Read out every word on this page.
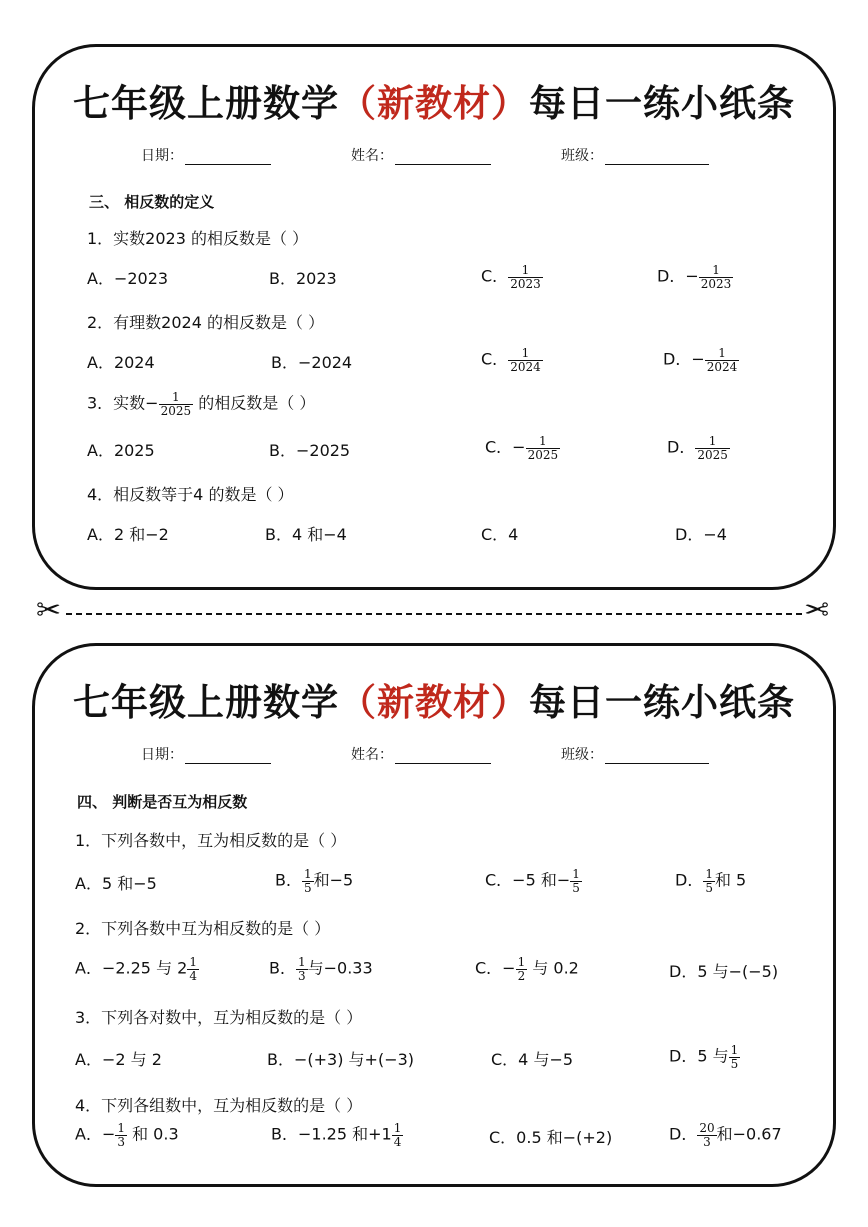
七年级上册数学（新教材）每日一练小纸条
日期：	姓名：	班级：
三、 相反数的定义
1．实数2023 的相反数是（ ）
A．−2023	B．2023	C． $\frac{1}{2023}$	D．− $\frac{1}{2023}$
2．有理数2024 的相反数是（ ）
A．2024	B．−2024	C． $\frac{1}{2024}$	D．− $\frac{1}{2024}$
3．实数− $\frac{1}{2025}$ 的相反数是（ ）
A．2025	B．−2025	C．− $\frac{1}{2025}$	D． $\frac{1}{2025}$
4．相反数等于4 的数是（ ）
A．2 和−2	B．4 和−4	C．4	D．−4
✂	✂
七年级上册数学（新教材）每日一练小纸条
日期：	姓名：	班级：
四、 判断是否互为相反数
1．下列各数中，互为相反数的是（ ）
A．5 和−5	B． $\frac{1}{5}$ 和−5	C．−5 和− $\frac{1}{5}$	D． $\frac{1}{5}$ 和 5
2．下列各数中互为相反数的是（ ）
A．−2.25 与 $2 \frac{1}{4}$	B． $\frac{1}{3}$ 与−0.33	C．− $\frac{1}{2}$ 与 0.2	D．5 与−(−5)
3．下列各对数中，互为相反数的是（ ）
A．−2 与 2	B．−(+3) 与+(−3)	C．4 与−5	D．5 与 $\frac{1}{5}$
4．下列各组数中，互为相反数的是（ ）
A．− $\frac{1}{3}$ 和 0.3	B．−1.25 和$+1 \frac{1}{4}$	C．0.5 和−(+2)	D． $\frac{20}{3}$ 和−0.67
